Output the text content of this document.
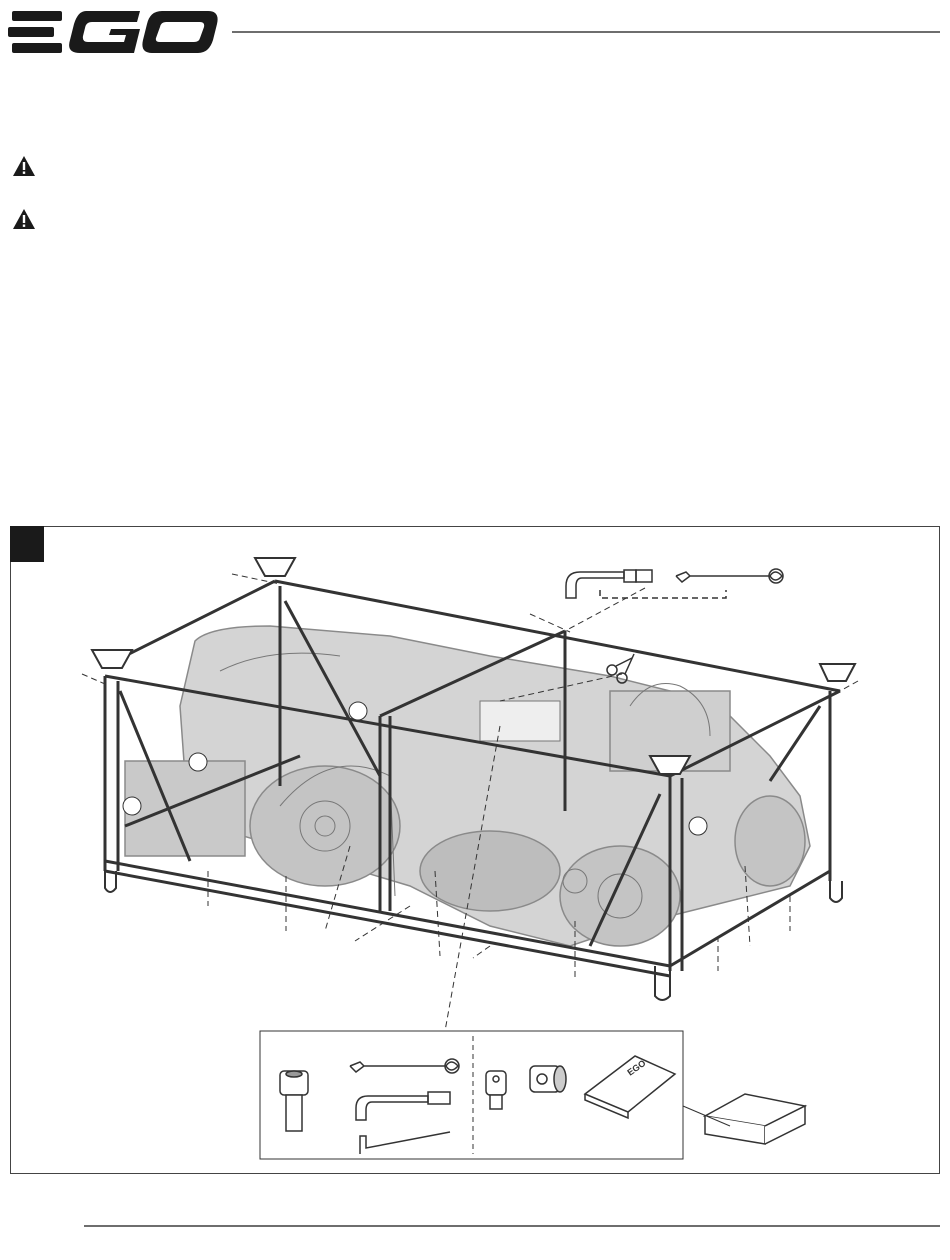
EGO
